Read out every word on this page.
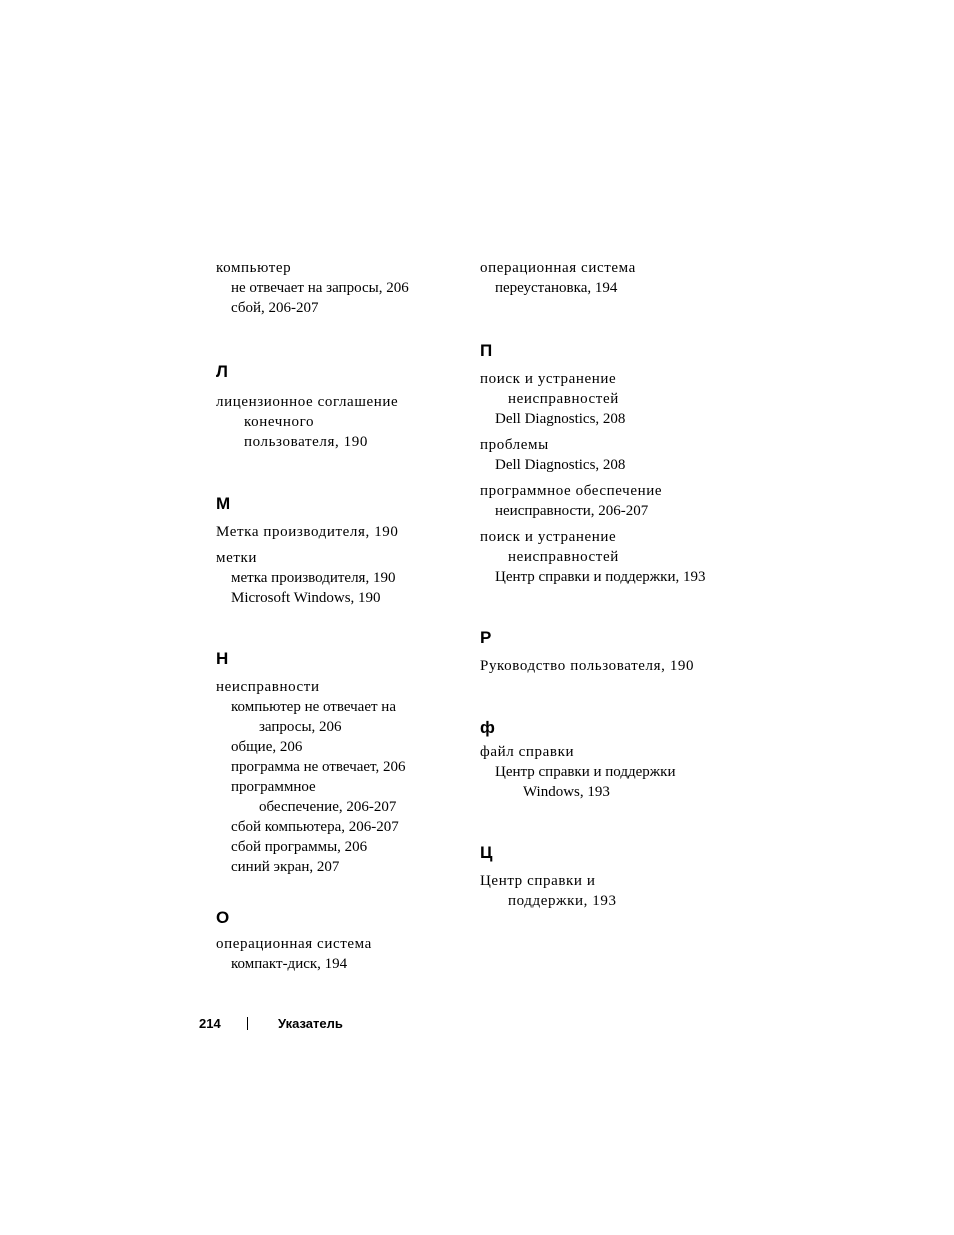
компьютер
не отвечает на запросы, 206
сбой, 206-207
Л
лицензионное соглашение
конечного
пользователя, 190
М
Метка производителя, 190
метки
метка производителя, 190
Microsoft Windows, 190
Н
неисправности
компьютер не отвечает на
запросы, 206
общие, 206
программа не отвечает, 206
программное
обеспечение, 206-207
сбой компьютера, 206-207
сбой программы, 206
синий экран, 207
О
операционная система
компакт-диск, 194
операционная система
переустановка, 194
П
поиск и устранение
неисправностей
Dell Diagnostics, 208
проблемы
Dell Diagnostics, 208
программное обеспечение
неисправности, 206-207
поиск и устранение
неисправностей
Центр справки и поддержки, 193
Р
Руководство пользователя, 190
ф
файл справки
Центр справки и поддержки
Windows, 193
Ц
Центр справки и
поддержки, 193
214	Указатель
